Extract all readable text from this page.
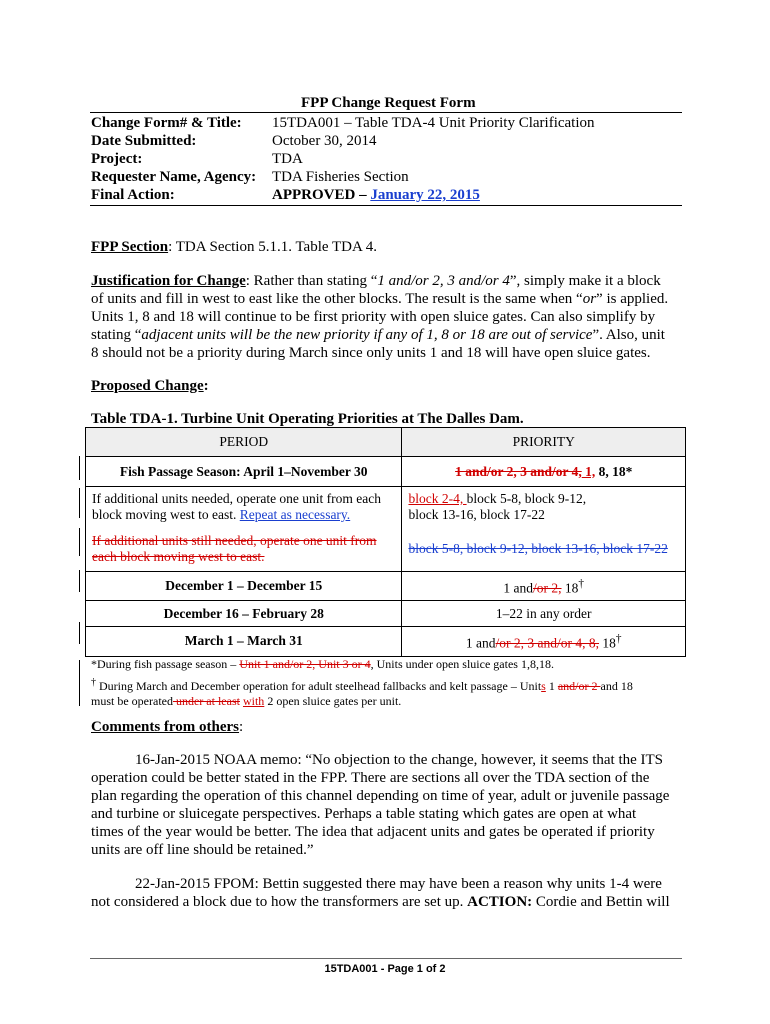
FPP Change Request Form
Change Form# & Title: 15TDA001 – Table TDA-4 Unit Priority Clarification
Date Submitted:	October 30, 2014
Project:	TDA
Requester Name, Agency: TDA Fisheries Section
Final Action:	APPROVED – January 22, 2015
FPP Section: TDA Section 5.1.1. Table TDA 4.
Justification for Change: Rather than stating “1 and/or 2, 3 and/or 4”, simply make it a block
of units and fill in west to east like the other blocks. The result is the same when “or” is applied.
Units 1, 8 and 18 will continue to be first priority with open sluice gates. Can also simplify by
stating “adjacent units will be the new priority if any of 1, 8 or 18 are out of service”. Also, unit
8 should not be a priority during March since only units 1 and 18 will have open sluice gates.
Proposed Change:
Table TDA-1. Turbine Unit Operating Priorities at The Dalles Dam.
PERIOD	PRIORITY
Fish Passage Season: April 1–November 30	1 and/or 2, 3 and/or 4, 1, 8, 18*
If additional units needed, operate one unit from each block moving west to east. Repeat as necessary.	block 2-4, block 5-8, block 9-12,
block 13-16, block 17-22

If additional units still needed, operate one unit from each block moving west to east.	block 5-8, block 9-12, block 13-16, block 17-22
December 1 – December 15	1 and/or 2, 18†
December 16 – February 28	1–22 in any order
March 1 – March 31	1 and/or 2, 3 and/or 4, 8, 18†
*During fish passage season – Unit 1 and/or 2, Unit 3 or 4, Units under open sluice gates 1,8,18.
† During March and December operation for adult steelhead fallbacks and kelt passage – Units 1 and/or 2 and 18
must be operated under at least with 2 open sluice gates per unit.
Comments from others:
16-Jan-2015 NOAA memo: “No objection to the change, however, it seems that the ITS
operation could be better stated in the FPP. There are sections all over the TDA section of the
plan regarding the operation of this channel depending on time of year, adult or juvenile passage
and turbine or sluicegate perspectives. Perhaps a table stating which gates are open at what
times of the year would be better. The idea that adjacent units and gates be operated if priority
units are off line should be retained.”
22-Jan-2015 FPOM: Bettin suggested there may have been a reason why units 1-4 were
not considered a block due to how the transformers are set up. ACTION: Cordie and Bettin will
15TDA001 - Page 1 of 2
